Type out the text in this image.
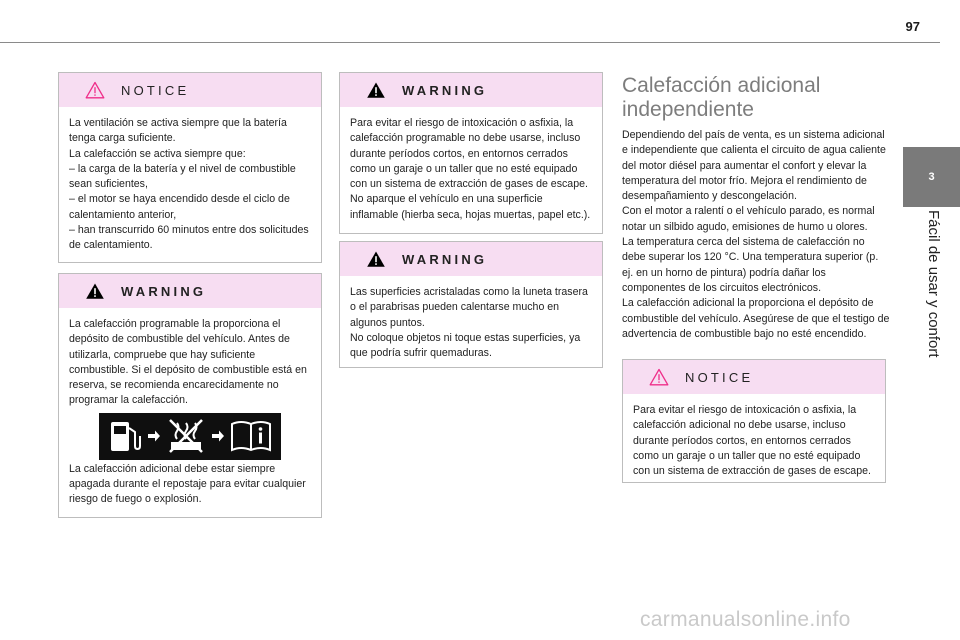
97
3
Fácil de usar y confort
NOTICE

La ventilación se activa siempre que la batería tenga carga suficiente.

La calefacción se activa siempre que:

– la carga de la batería y el nivel de combustible sean suficientes,

– el motor se haya encendido desde el ciclo de calentamiento anterior,

– han transcurrido 60 minutos entre dos solicitudes de calentamiento.

WARNING

La calefacción programable la proporciona el depósito de combustible del vehículo. Antes de utilizarla, compruebe que hay suficiente combustible. Si el depósito de combustible está en reserva, se recomienda encarecidamente no programar la calefacción.

La calefacción adicional debe estar siempre apagada durante el repostaje para evitar cualquier riesgo de fuego o explosión.

WARNING

Para evitar el riesgo de intoxicación o asfixia, la calefacción programable no debe usarse, incluso durante períodos cortos, en entornos cerrados como un garaje o un taller que no esté equipado con un sistema de extracción de gases de escape. No aparque el vehículo en una superficie inflamable (hierba seca, hojas muertas, papel etc.).

WARNING

Las superficies acristaladas como la luneta trasera o el parabrisas pueden calentarse mucho en algunos puntos.

No coloque objetos ni toque estas superficies, ya que podría sufrir quemaduras.

Calefacción adicional independiente

Dependiendo del país de venta, es un sistema adicional e independiente que calienta el circuito de agua caliente del motor diésel para aumentar el confort y elevar la temperatura del motor frío. Mejora el rendimiento de desempañamiento y descongelación.

Con el motor a ralentí o el vehículo parado, es normal notar un silbido agudo, emisiones de humo u olores.

La temperatura cerca del sistema de calefacción no debe superar los 120 °C. Una temperatura superior (p. ej. en un horno de pintura) podría dañar los componentes de los circuitos electrónicos.

La calefacción adicional la proporciona el depósito de combustible del vehículo. Asegúrese de que el testigo de advertencia de combustible bajo no esté encendido.

NOTICE

Para evitar el riesgo de intoxicación o asfixia, la calefacción adicional no debe usarse, incluso durante períodos cortos, en entornos cerrados como un garaje o un taller que no esté equipado con un sistema de extracción de gases de escape.

carmanualsonline.info
